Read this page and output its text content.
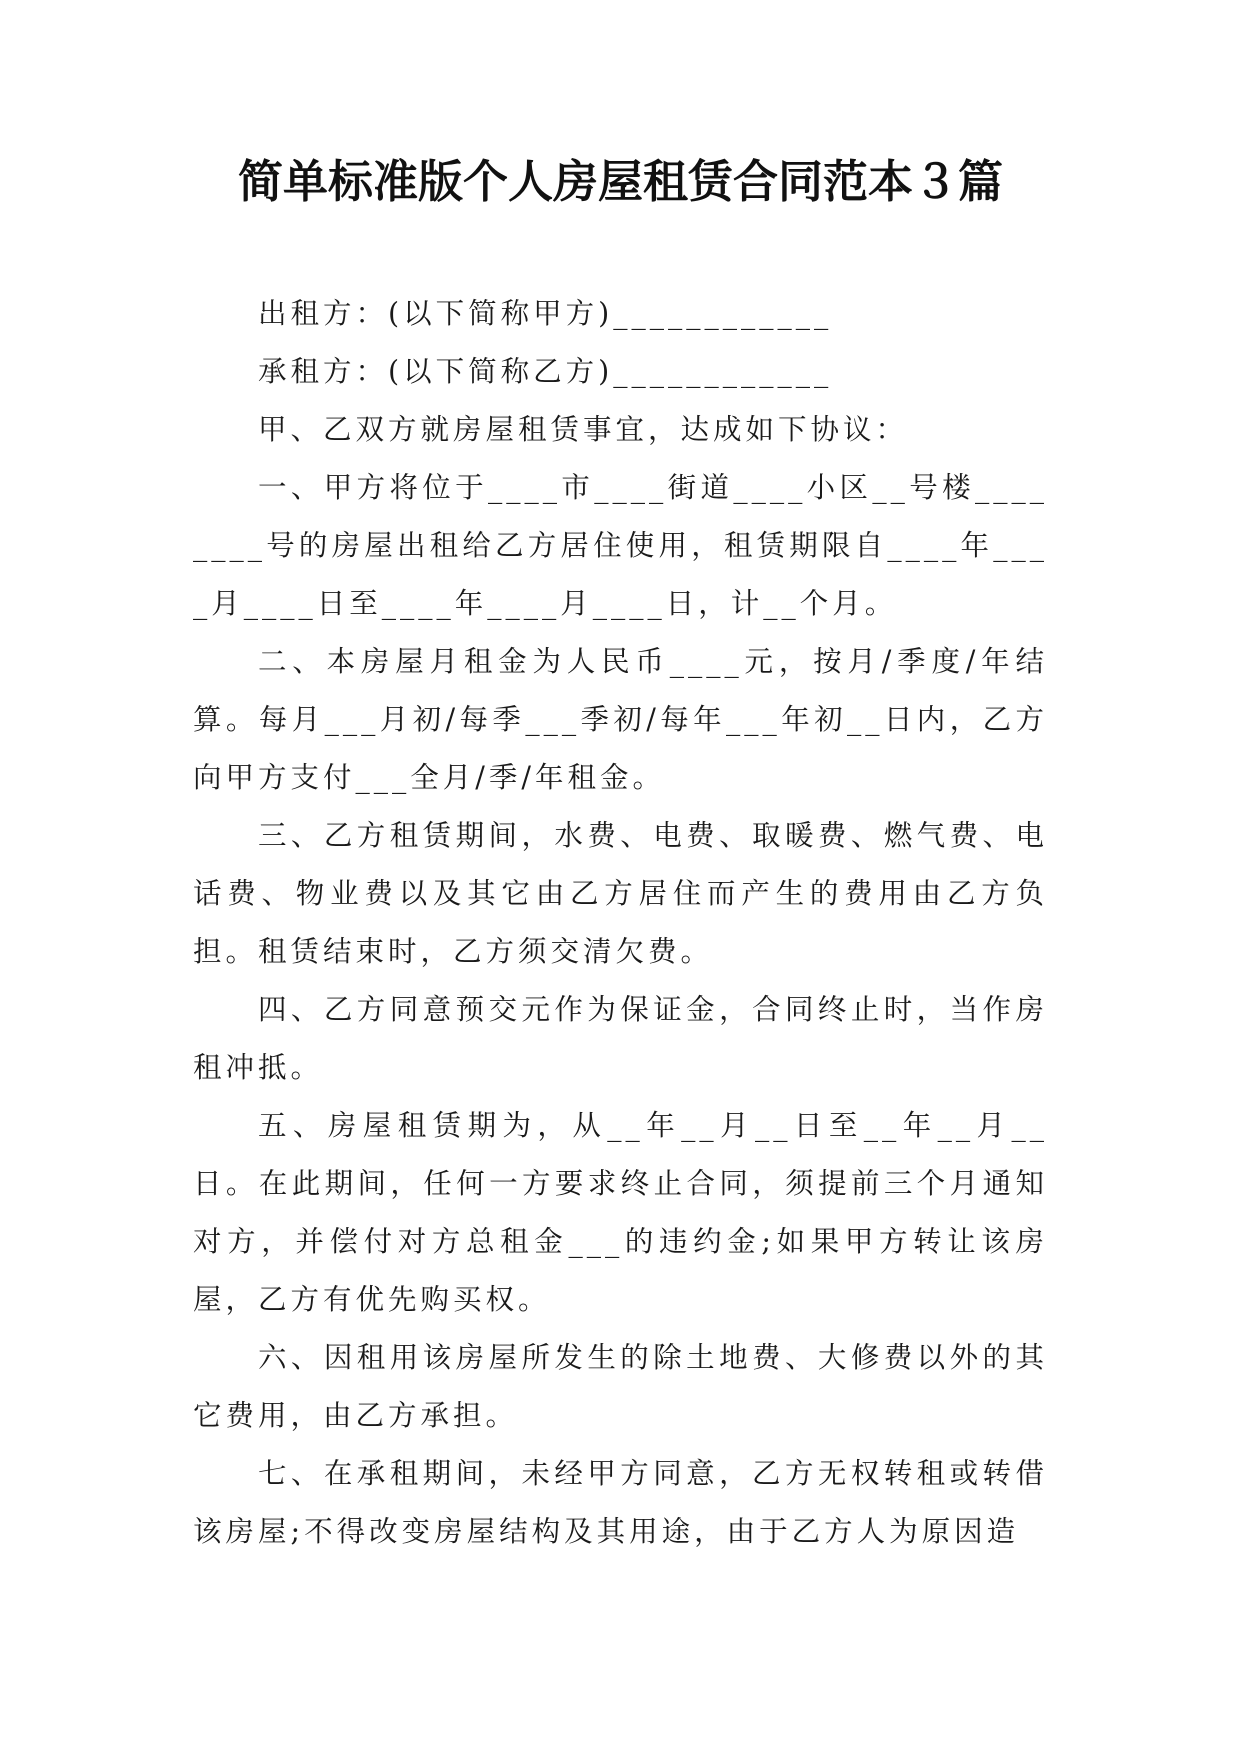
简单标准版个人房屋租赁合同范本３篇

出租方：(以下简称甲方)____________

承租方：(以下简称乙方)____________

甲、乙双方就房屋租赁事宜，达成如下协议：

一、甲方将位于____市____街道____小区__号楼________号的房屋出租给乙方居住使用，租赁期限自____年____月____日至____年____月____日，计__个月。

二、本房屋月租金为人民币____元，按月/季度/年结算。每月___月初/每季___季初/每年___年初__日内，乙方向甲方支付___全月/季/年租金。

三、乙方租赁期间，水费、电费、取暖费、燃气费、电话费、物业费以及其它由乙方居住而产生的费用由乙方负担。租赁结束时，乙方须交清欠费。

四、乙方同意预交元作为保证金，合同终止时，当作房租冲抵。

五、房屋租赁期为，从__年__月__日至__年__月__日。在此期间，任何一方要求终止合同，须提前三个月通知对方，并偿付对方总租金___的违约金;如果甲方转让该房屋，乙方有优先购买权。

六、因租用该房屋所发生的除土地费、大修费以外的其它费用，由乙方承担。

七、在承租期间，未经甲方同意，乙方无权转租或转借该房屋;不得改变房屋结构及其用途，由于乙方人为原因造
